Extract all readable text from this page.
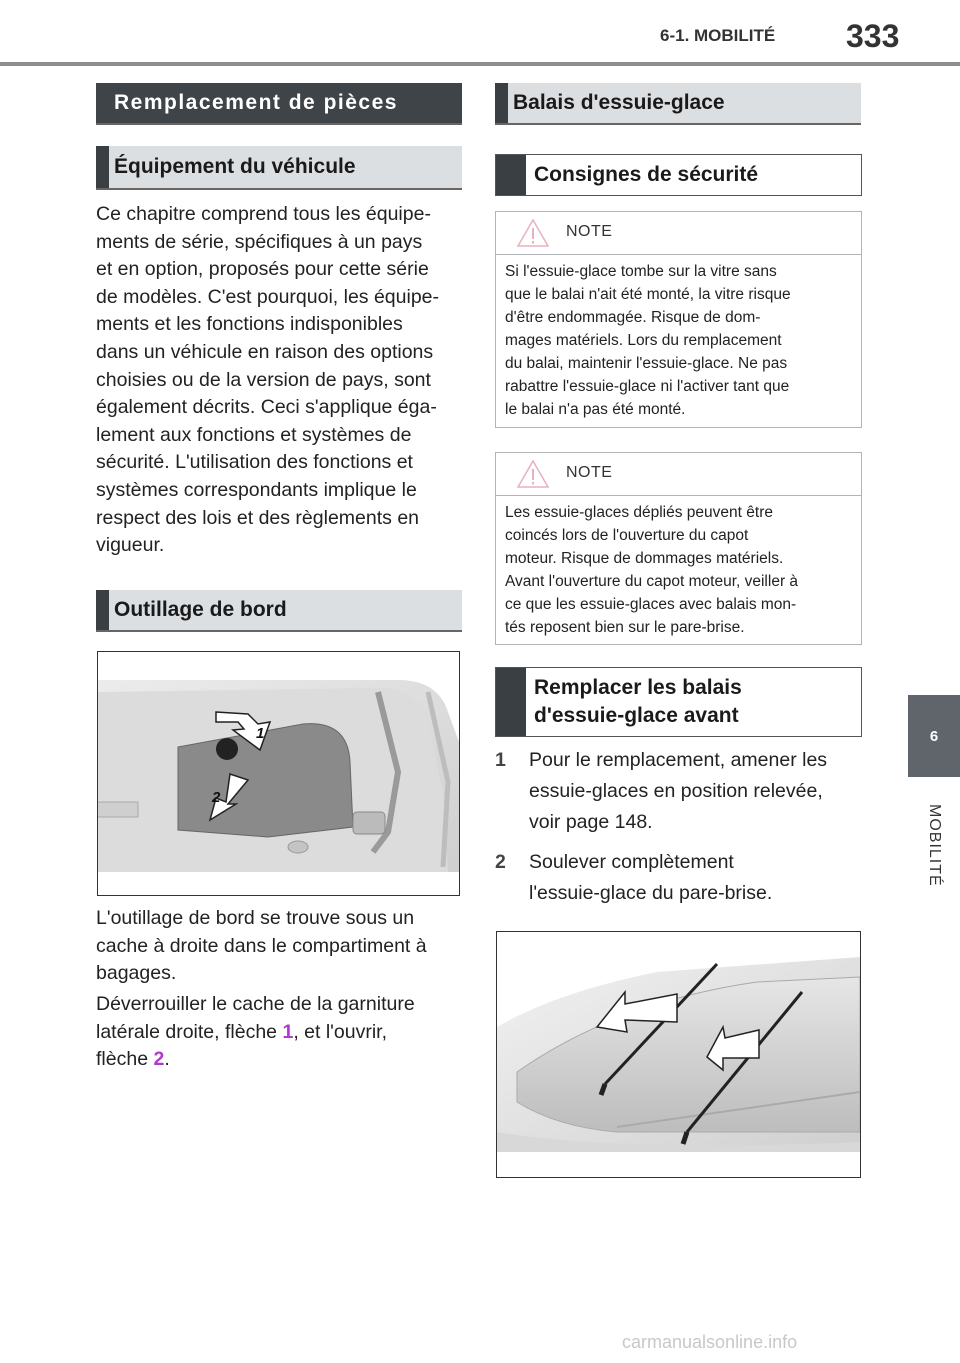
6-1. MOBILITÉ 333
6
MOBILITÉ
Remplacement de pièces
Équipement du véhicule

Ce chapitre comprend tous les équipe-

ments de série, spécifiques à un pays

et en option, proposés pour cette série

de modèles. C'est pourquoi, les équipe-

ments et les fonctions indisponibles

dans un véhicule en raison des options

choisies ou de la version de pays, sont

également décrits. Ceci s'applique éga-

lement aux fonctions et systèmes de

sécurité. L'utilisation des fonctions et

systèmes correspondants implique le

respect des lois et des règlements en

vigueur.

Outillage de bord
1
2

L'outillage de bord se trouve sous un

cache à droite dans le compartiment à

bagages.

Déverrouiller le cache de la garniture

latérale droite, flèche 1, et l'ouvrir,

flèche 2.

Balais d'essuie-glace
Consignes de sécurité
NOTE
Si l'essuie-glace tombe sur la vitre sans
que le balai n'ait été monté, la vitre risque
d'être endommagée. Risque de dom-
mages matériels. Lors du remplacement
du balai, maintenir l'essuie-glace. Ne pas
rabattre l'essuie-glace ni l'activer tant que
le balai n'a pas été monté.
NOTE
Les essuie-glaces dépliés peuvent être
coincés lors de l'ouverture du capot
moteur. Risque de dommages matériels.
Avant l'ouverture du capot moteur, veiller à
ce que les essuie-glaces avec balais mon-
tés reposent bien sur le pare-brise.
Remplacer les balais
d'essuie-glace avant
1 Pour le remplacement, amener les
essuie-glaces en position relevée,
voir page 148.
2 Soulever complètement
l'essuie-glace du pare-brise.
carmanualsonline.info
